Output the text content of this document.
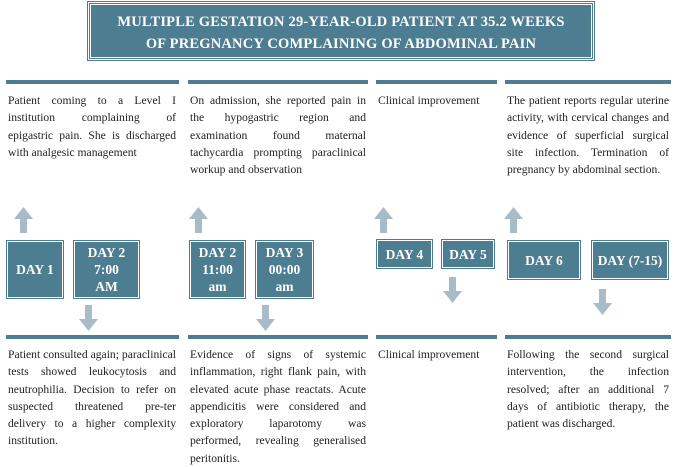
MULTIPLE GESTATION 29-YEAR-OLD PATIENT AT 35.2 WEEKS
OF PREGNANCY COMPLAINING OF ABDOMINAL PAIN
Patient coming to a Level I institution complaining of epigastric pain. She is discharged with analgesic management
On admission, she reported pain in the hypogastric region and examination found maternal tachycardia prompting paraclinical workup and observation
Clinical improvement	The patient reports regular uterine activity, with cervical changes and evidence of superficial surgical site infection. Termination of pregnancy by abdominal section.
DAY 1
DAY 2
7:00
AM
DAY 2
11:00
am
DAY 3
00:00
am
DAY 4 DAY 5	DAY 6	DAY (7-15)
Patient consulted again; paraclinical tests showed leukocytosis and neutrophilia. Decision to refer on suspected threatened pre-ter delivery to a higher complexity institution.
Evidence of signs of systemic inflammation, right flank pain, with elevated acute phase reactats. Acute appendicitis were considered and exploratory laparotomy was performed, revealing generalised peritonitis.
Clinical improvement	Following the second surgical intervention, the infection resolved; after an additional 7 days of antibiotic therapy, the patient was discharged.
